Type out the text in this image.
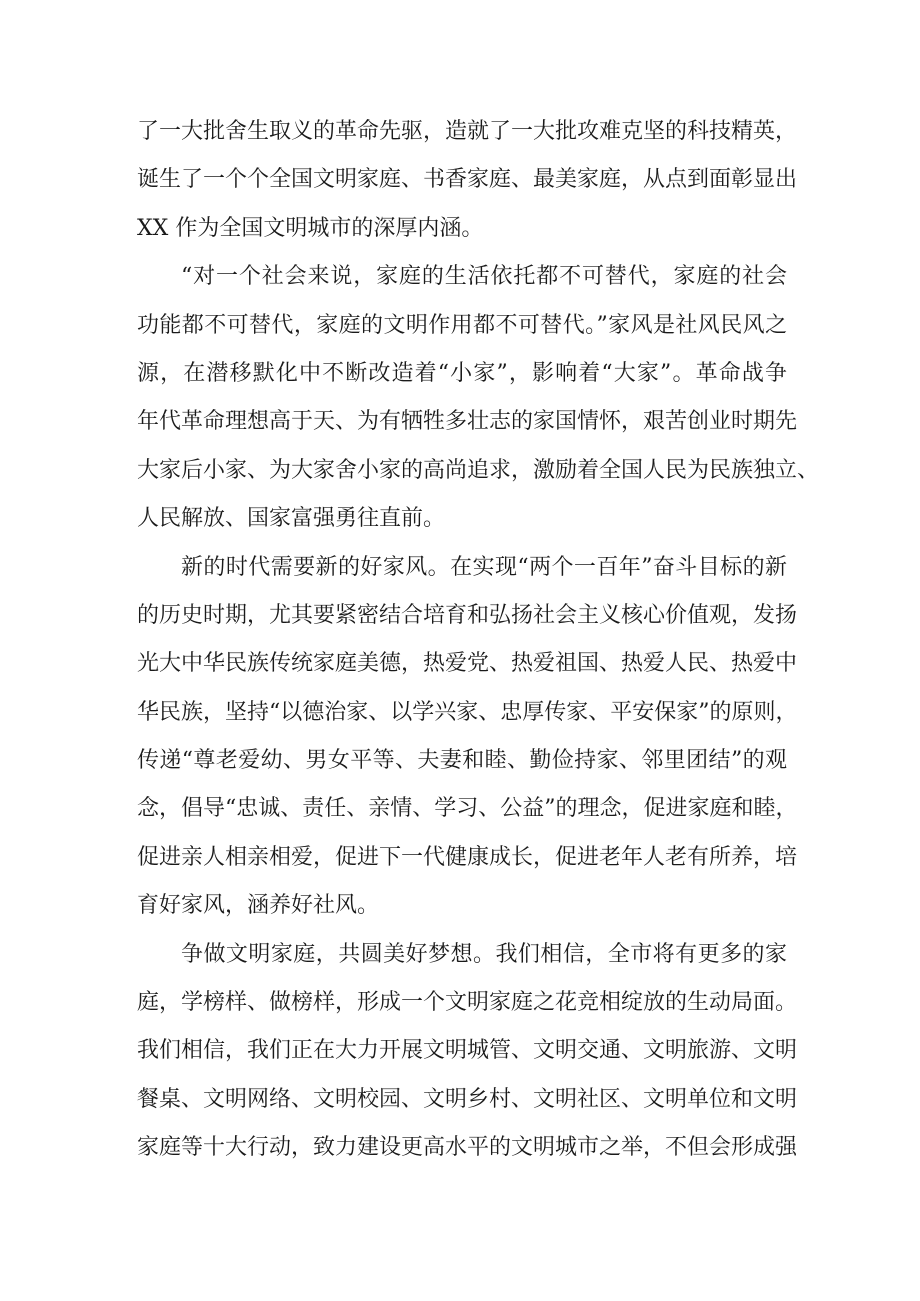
了一大批舍生取义的革命先驱，造就了一大批攻难克坚的科技精英，
诞生了一个个全国文明家庭、书香家庭、最美家庭，从点到面彰显出
XX 作为全国文明城市的深厚内涵。

“对一个社会来说，家庭的生活依托都不可替代，家庭的社会
功能都不可替代，家庭的文明作用都不可替代。”家风是社风民风之
源，在潜移默化中不断改造着“小家”，影响着“大家”。革命战争
年代革命理想高于天、为有牺牲多壮志的家国情怀，艰苦创业时期先
大家后小家、为大家舍小家的高尚追求，激励着全国人民为民族独立、
人民解放、国家富强勇往直前。

新的时代需要新的好家风。在实现“两个一百年”奋斗目标的新
的历史时期，尤其要紧密结合培育和弘扬社会主义核心价值观，发扬
光大中华民族传统家庭美德，热爱党、热爱祖国、热爱人民、热爱中
华民族，坚持“以德治家、以学兴家、忠厚传家、平安保家”的原则，
传递“尊老爱幼、男女平等、夫妻和睦、勤俭持家、邻里团结”的观
念，倡导“忠诚、责任、亲情、学习、公益”的理念，促进家庭和睦，
促进亲人相亲相爱，促进下一代健康成长，促进老年人老有所养，培
育好家风，涵养好社风。

争做文明家庭，共圆美好梦想。我们相信，全市将有更多的家
庭，学榜样、做榜样，形成一个文明家庭之花竞相绽放的生动局面。
我们相信，我们正在大力开展文明城管、文明交通、文明旅游、文明
餐桌、文明网络、文明校园、文明乡村、文明社区、文明单位和文明
家庭等十大行动，致力建设更高水平的文明城市之举，不但会形成强
